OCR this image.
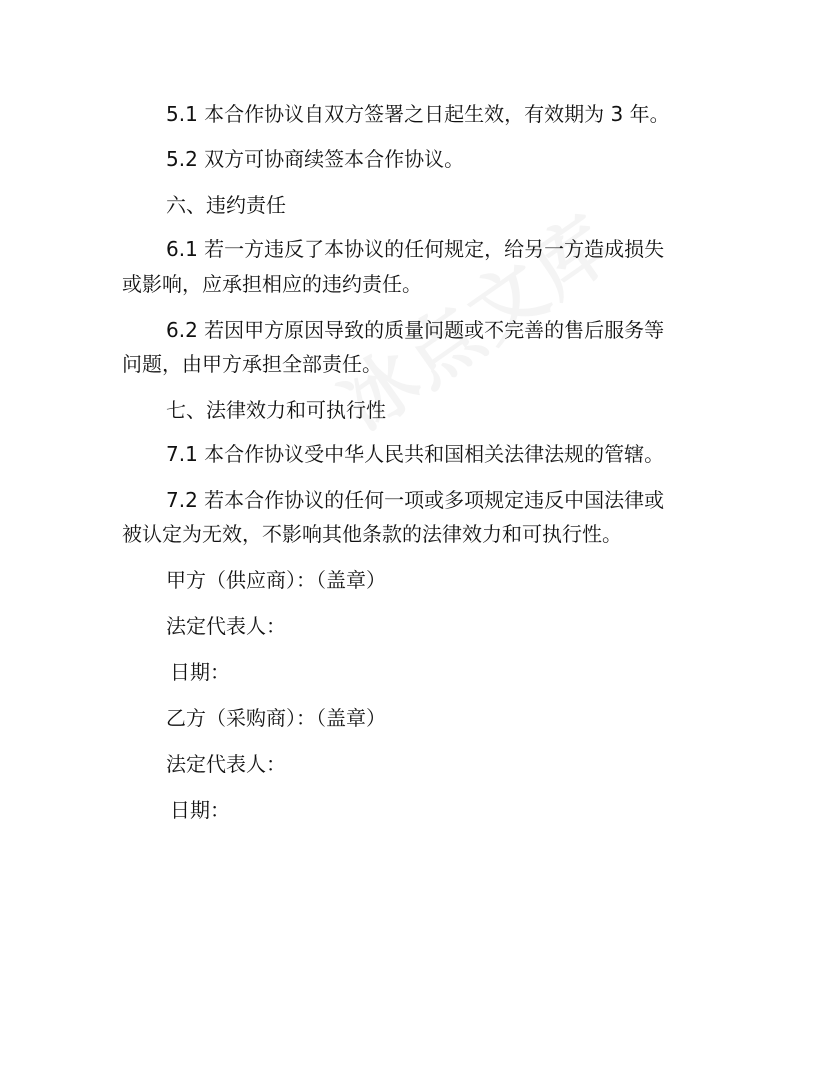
5.1 本合作协议自双方签署之日起生效，有效期为 3 年。
5.2 双方可协商续签本合作协议。
六、违约责任
6.1 若一方违反了本协议的任何规定，给另一方造成损失
或影响，应承担相应的违约责任。
6.2 若因甲方原因导致的质量问题或不完善的售后服务等
问题，由甲方承担全部责任。
七、法律效力和可执行性
7.1 本合作协议受中华人民共和国相关法律法规的管辖。
7.2 若本合作协议的任何一项或多项规定违反中国法律或
被认定为无效，不影响其他条款的法律效力和可执行性。
甲方（供应商）：（盖章）
法定代表人：
日期：
乙方（采购商）：（盖章）
法定代表人：
日期：
